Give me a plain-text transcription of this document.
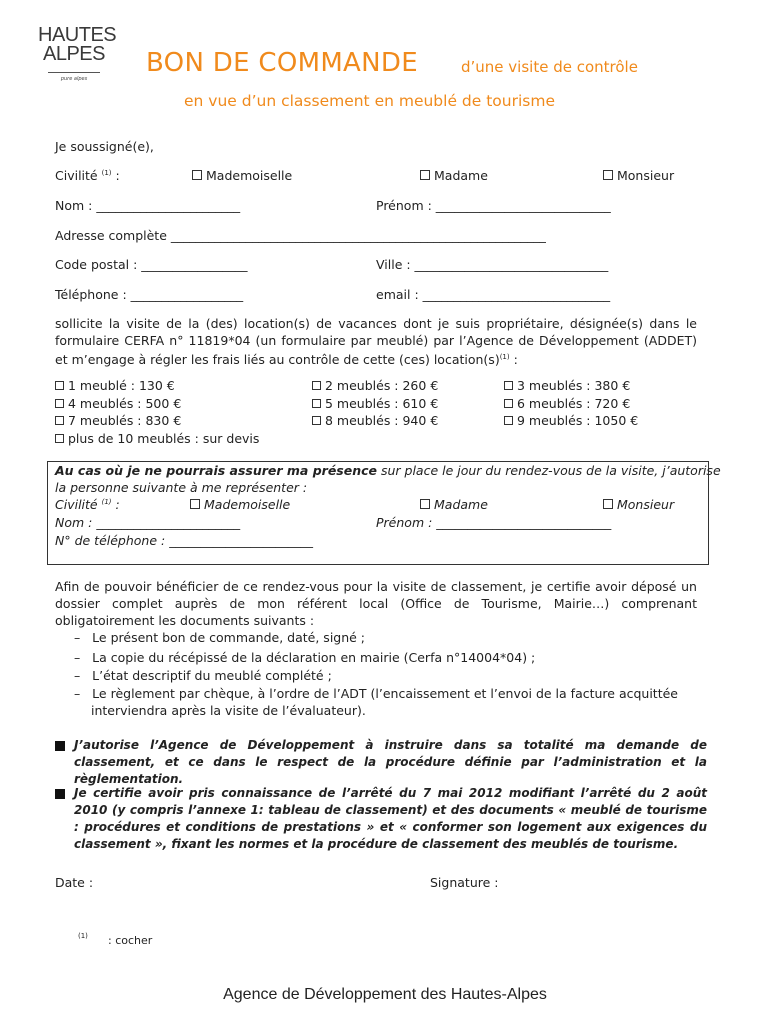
HAUTES
ALPES
pure alpes
BON DE COMMANDE	d’une visite de contrôle
en vue d’un classement en meublé de tourisme
Je soussigné(e),
Civilité $^{(1)}$ :	Mademoiselle	Madame	Monsieur
Nom : _______________________	Prénom : ____________________________
Adresse complète ____________________________________________________________
Code postal : _________________	Ville : _______________________________
Téléphone : __________________	email : ______________________________
sollicite la visite de la (des) location(s) de vacances dont je suis propriétaire, désignée(s) dans le formulaire CERFA n° 11819*04 (un formulaire par meublé) par l’Agence de Développement (ADDET) et m’engage à régler les frais liés au contrôle de cette (ces) $location(s)^{(1)}$ :
1 meublé : 130 €	2 meublés : 260 €	3 meublés : 380 €
4 meublés : 500 €	5 meublés : 610 €	6 meublés : 720 €
7 meublés : 830 €	8 meublés : 940 €	9 meublés : 1050 €
plus de 10 meublés : sur devis
Au cas où je ne pourrais assurer ma présence sur place le jour du rendez-vous de la visite, j’autorise
la personne suivante à me représenter :
Civilité $^{(1)}$ :	Mademoiselle	Madame	Monsieur
Nom : _______________________	Prénom : ____________________________
N° de téléphone : _______________________
Afin de pouvoir bénéficier de ce rendez-vous pour la visite de classement, je certifie avoir déposé un dossier complet auprès de mon référent local (Office de Tourisme, Mairie…) comprenant obligatoirement les documents suivants :
–   Le présent bon de commande, daté, signé ;
–   La copie du récépissé de la déclaration en mairie (Cerfa n°14004*04) ;
–   L’état descriptif du meublé complété ;
–   Le règlement par chèque, à l’ordre de l’ADT (l’encaissement et l’envoi de la facture acquittée
interviendra après la visite de l’évaluateur).
J’autorise l’Agence de Développement à instruire dans sa totalité ma demande de classement, et ce dans le respect de la procédure définie par l’administration et la règlementation.
Je certifie avoir pris connaissance de l’arrêté du 7 mai 2012 modifiant l’arrêté du 2 août 2010 (y compris l’annexe 1: tableau de classement) et des documents « meublé de tourisme : procédures et conditions de prestations » et « conformer son logement aux exigences du classement », fixant les normes et la procédure de classement des meublés de tourisme.
Date :	Signature :
(1) : cocher
Agence de Développement des Hautes-Alpes
